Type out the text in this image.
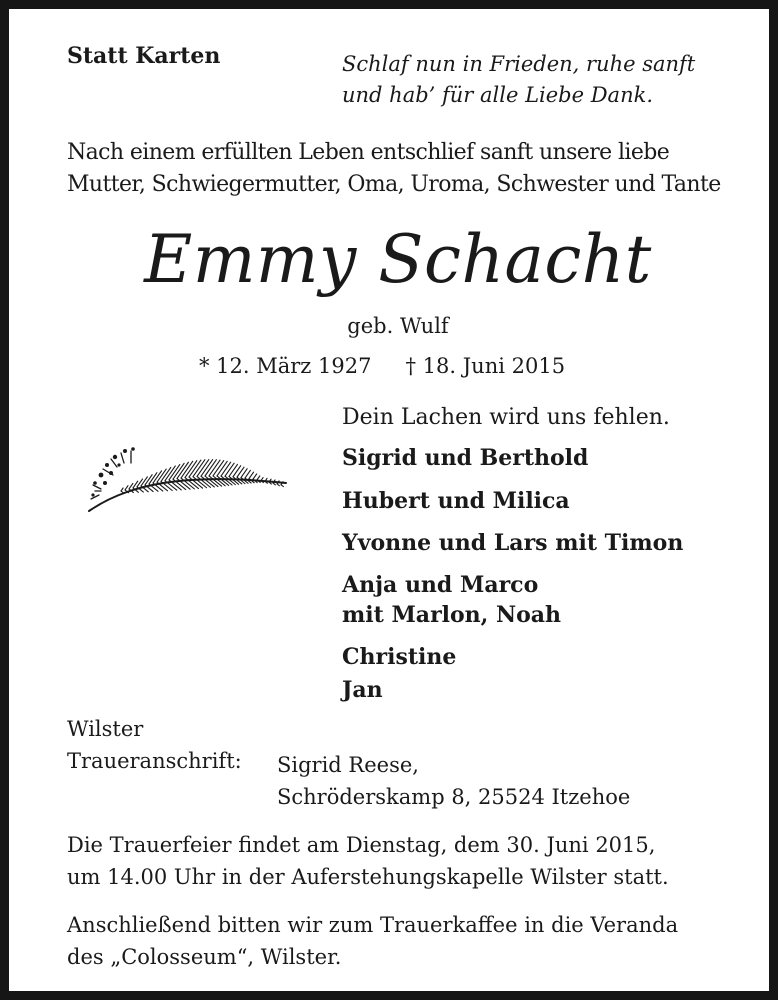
Statt Karten	Schlaf nun in Frieden, ruhe sanft
und hab’ für alle Liebe Dank.
Nach einem erfüllten Leben entschlief sanft unsere liebe
Mutter, Schwiegermutter, Oma, Uroma, Schwester und Tante
Emmy Schacht
geb. Wulf
* 12. März 1927 † 18. Juni 2015
Dein Lachen wird uns fehlen.
Sigrid und Berthold
Hubert und Milica
Yvonne und Lars mit Timon
Anja und Marco
mit Marlon, Noah
Christine
Jan
Wilster
Traueranschrift: Sigrid Reese,
Schröderskamp 8, 25524 Itzehoe
Die Trauerfeier findet am Dienstag, dem 30. Juni 2015,
um 14.00 Uhr in der Auferstehungskapelle Wilster statt.
Anschließend bitten wir zum Trauerkaffee in die Veranda
des „Colosseum“, Wilster.
